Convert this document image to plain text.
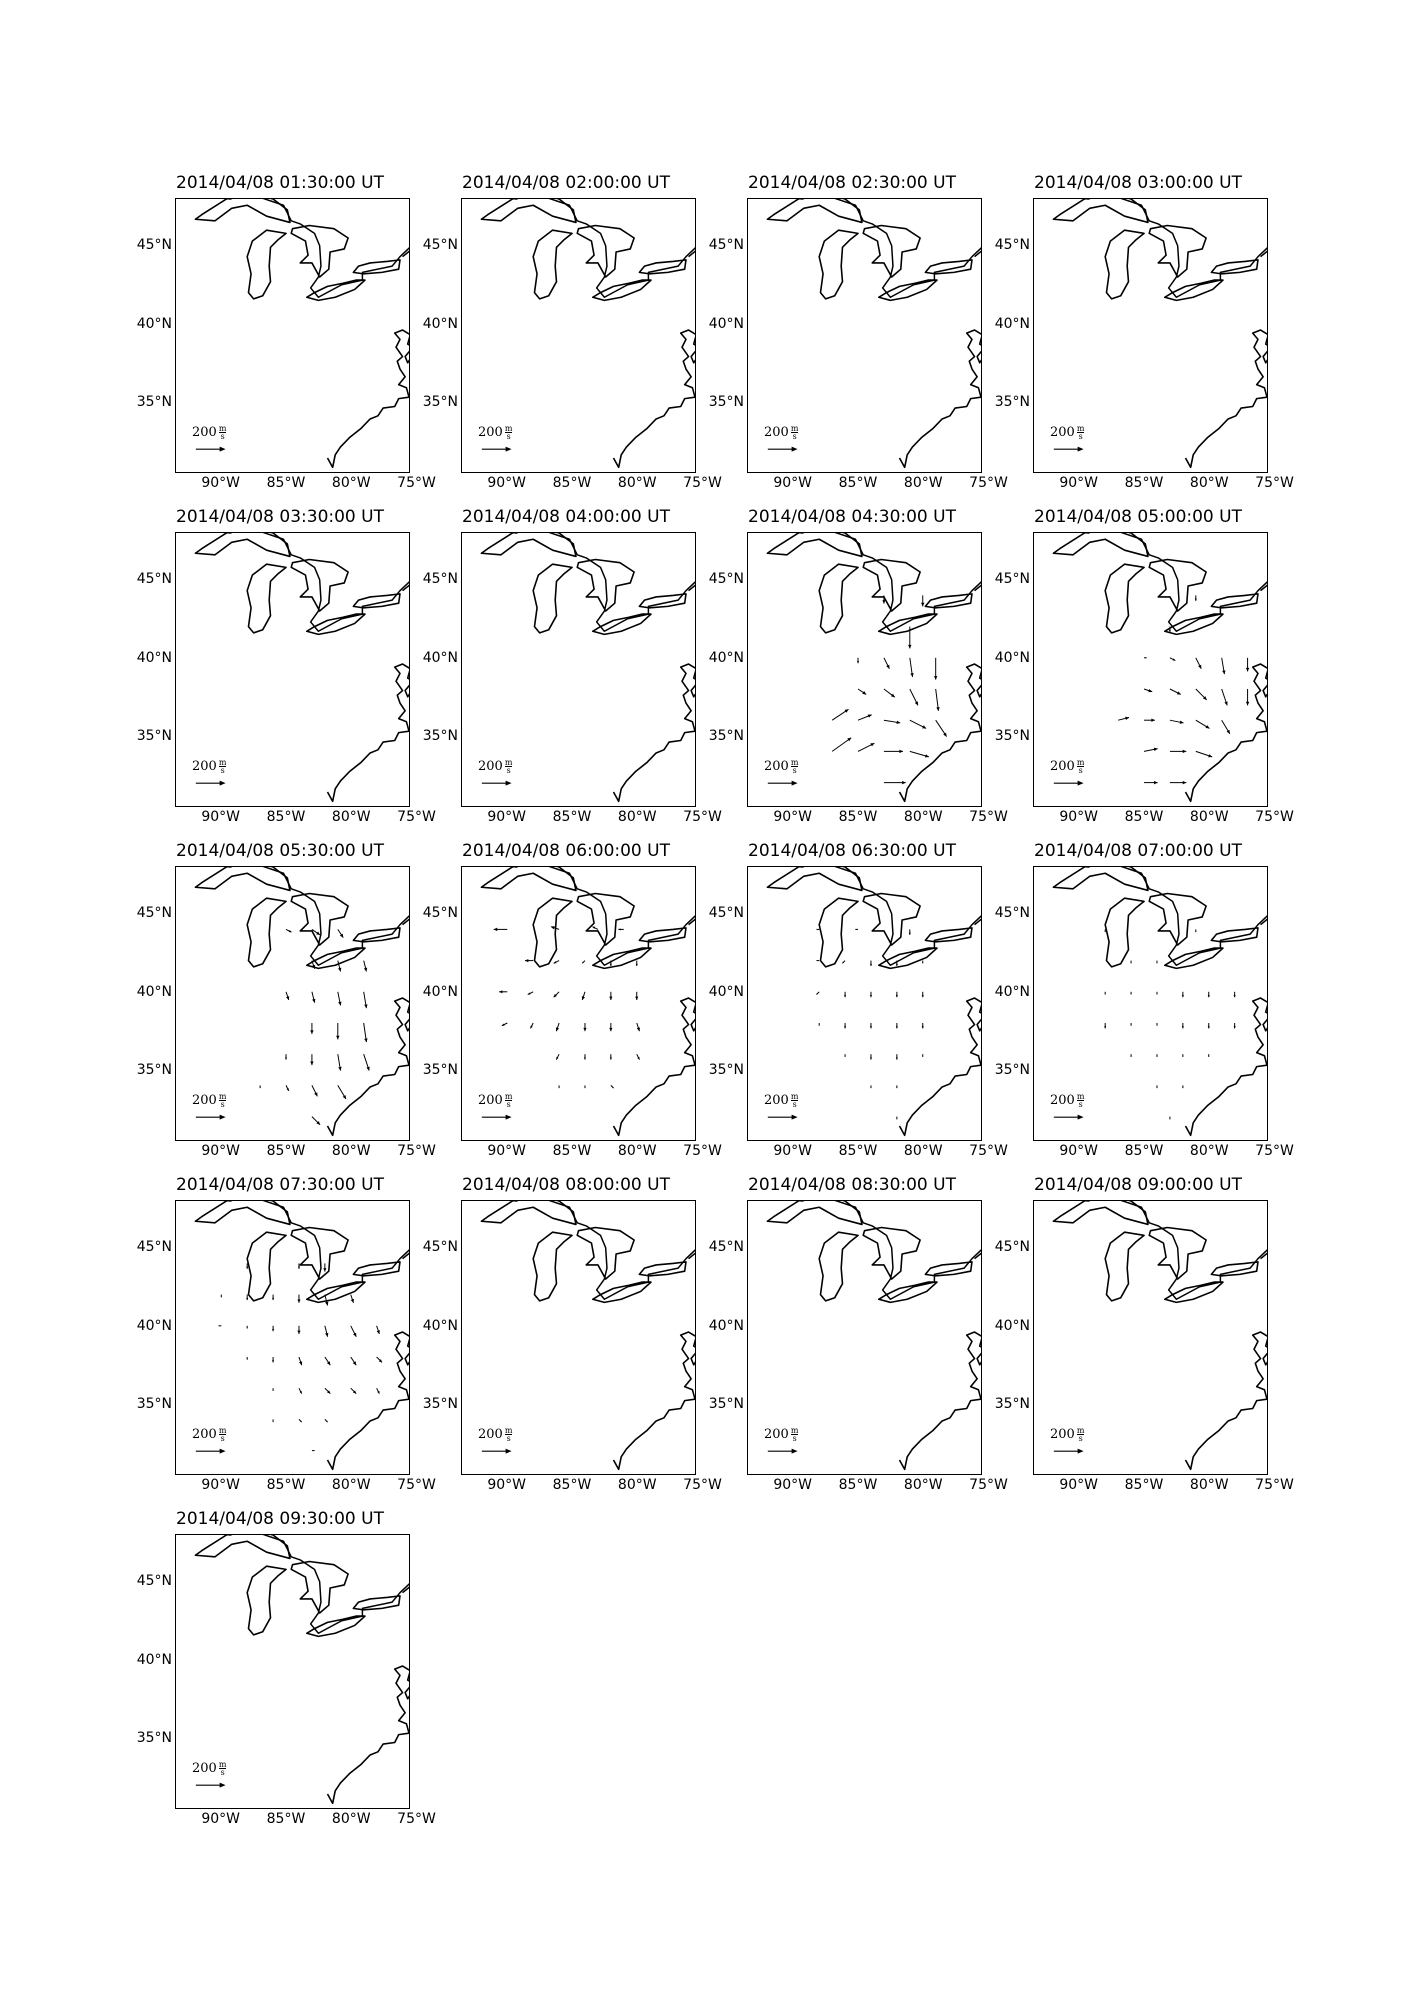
2014/04/08 01:30:00 UT
$200 \frac{m}{s}$
45°N
40°N
35°N
90°W	85°W	80°W	75°W
2014/04/08 02:00:00 UT
$200 \frac{m}{s}$
45°N
40°N
35°N
90°W	85°W	80°W	75°W
2014/04/08 02:30:00 UT
$200 \frac{m}{s}$
45°N
40°N
35°N
90°W	85°W	80°W	75°W
2014/04/08 03:00:00 UT
$200 \frac{m}{s}$
45°N
40°N
35°N
90°W	85°W	80°W	75°W
2014/04/08 03:30:00 UT
$200 \frac{m}{s}$
45°N
40°N
35°N
90°W	85°W	80°W	75°W
2014/04/08 04:00:00 UT
$200 \frac{m}{s}$
45°N
40°N
35°N
90°W	85°W	80°W	75°W
2014/04/08 04:30:00 UT
$200 \frac{m}{s}$
45°N
40°N
35°N
90°W	85°W	80°W	75°W
2014/04/08 05:00:00 UT
$200 \frac{m}{s}$
45°N
40°N
35°N
90°W	85°W	80°W	75°W
2014/04/08 05:30:00 UT
$200 \frac{m}{s}$
45°N
40°N
35°N
90°W	85°W	80°W	75°W
2014/04/08 06:00:00 UT
$200 \frac{m}{s}$
45°N
40°N
35°N
90°W	85°W	80°W	75°W
2014/04/08 06:30:00 UT
$200 \frac{m}{s}$
45°N
40°N
35°N
90°W	85°W	80°W	75°W
2014/04/08 07:00:00 UT
$200 \frac{m}{s}$
45°N
40°N
35°N
90°W	85°W	80°W	75°W
2014/04/08 07:30:00 UT
$200 \frac{m}{s}$
45°N
40°N
35°N
90°W	85°W	80°W	75°W
2014/04/08 08:00:00 UT
$200 \frac{m}{s}$
45°N
40°N
35°N
90°W	85°W	80°W	75°W
2014/04/08 08:30:00 UT
$200 \frac{m}{s}$
45°N
40°N
35°N
90°W	85°W	80°W	75°W
2014/04/08 09:00:00 UT
$200 \frac{m}{s}$
45°N
40°N
35°N
90°W	85°W	80°W	75°W
2014/04/08 09:30:00 UT
$200 \frac{m}{s}$
45°N
40°N
35°N
90°W	85°W	80°W	75°W
